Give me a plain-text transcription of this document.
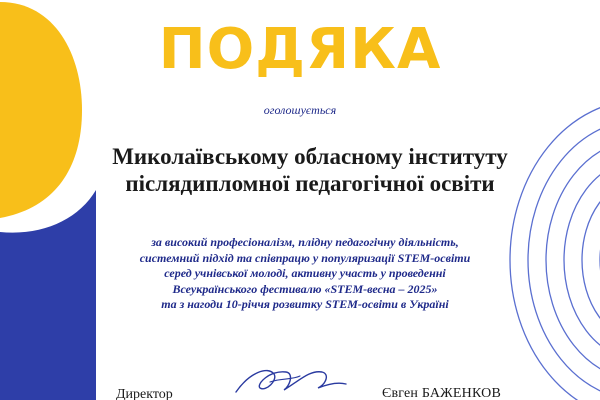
ПОДЯКА
оголошується
Миколаївському обласному інституту
післядипломної педагогічної освіти
за високий професіоналізм, плідну педагогічну діяльність,
системний підхід та співпрацю у популяризації STEM-освіти
серед учнівської молоді, активну участь у проведенні
Всеукраїнського фестивалю «STEM-весна – 2025»
та з нагоди 10-річчя розвитку STEM-освіти в Україні
Директор	Євген БАЖЕНКОВ
